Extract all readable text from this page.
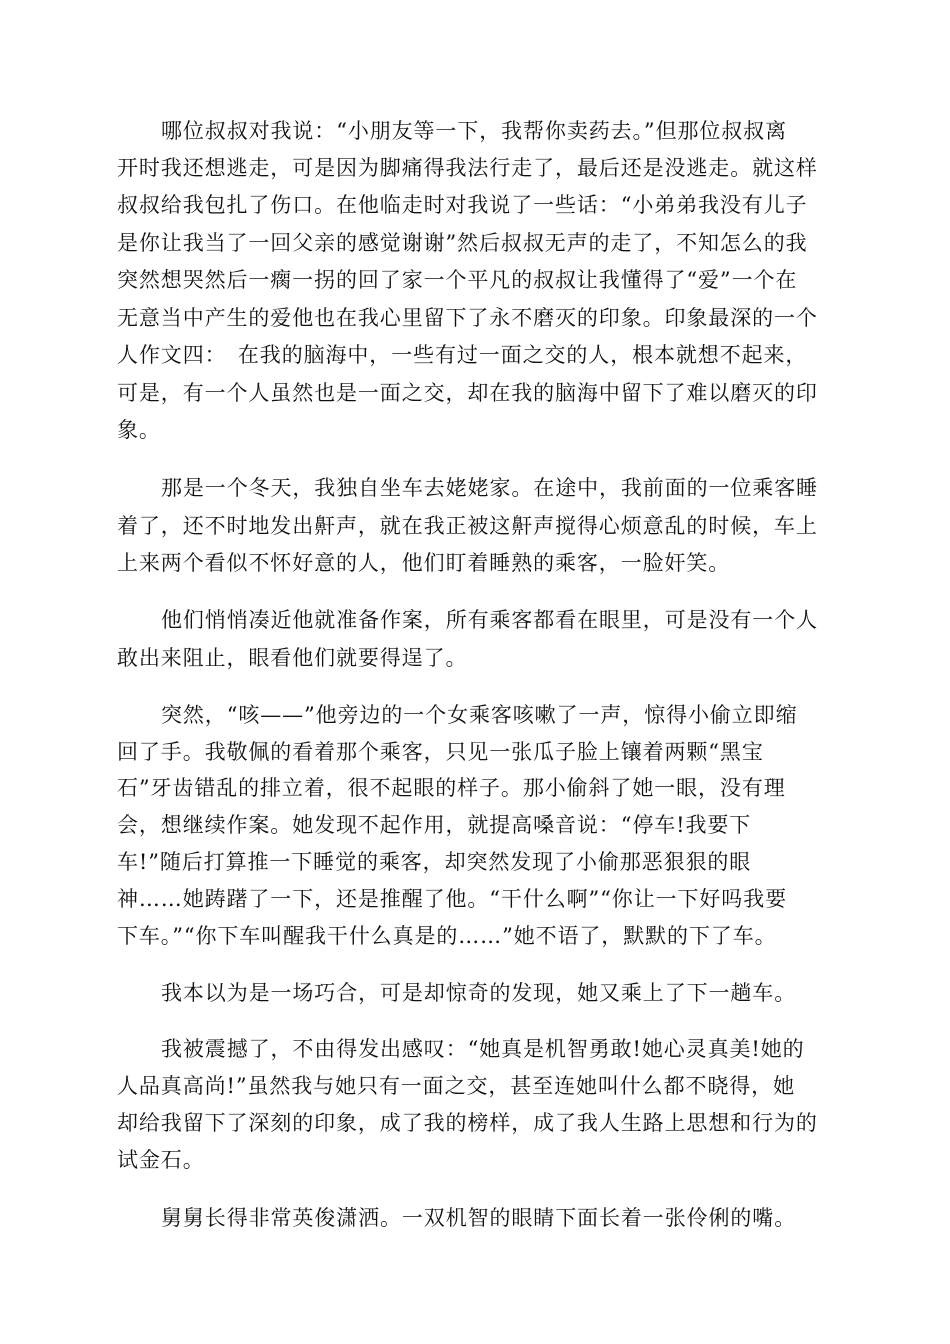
哪位叔叔对我说：“小朋友等一下，我帮你卖药去。”但那位叔叔离

开时我还想逃走，可是因为脚痛得我法行走了，最后还是没逃走。就这样

叔叔给我包扎了伤口。在他临走时对我说了一些话：“小弟弟我没有儿子

是你让我当了一回父亲的感觉谢谢”然后叔叔无声的走了，不知怎么的我

突然想哭然后一瘸一拐的回了家一个平凡的叔叔让我懂得了“爱”一个在

无意当中产生的爱他也在我心里留下了永不磨灭的印象。印象最深的一个

人作文四：　在我的脑海中，一些有过一面之交的人，根本就想不起来，

可是，有一个人虽然也是一面之交，却在我的脑海中留下了难以磨灭的印

象。

那是一个冬天，我独自坐车去姥姥家。在途中，我前面的一位乘客睡

着了，还不时地发出鼾声，就在我正被这鼾声搅得心烦意乱的时候，车上

上来两个看似不怀好意的人，他们盯着睡熟的乘客，一脸奸笑。

他们悄悄凑近他就准备作案，所有乘客都看在眼里，可是没有一个人

敢出来阻止，眼看他们就要得逞了。

突然，“咳——”他旁边的一个女乘客咳嗽了一声，惊得小偷立即缩

回了手。我敬佩的看着那个乘客，只见一张瓜子脸上镶着两颗“黑宝

石”牙齿错乱的排立着，很不起眼的样子。那小偷斜了她一眼，没有理

会，想继续作案。她发现不起作用，就提高嗓音说：“停车!我要下

车!”随后打算推一下睡觉的乘客，却突然发现了小偷那恶狠狠的眼

神……她踌躇了一下，还是推醒了他。“干什么啊”“你让一下好吗我要

下车。”“你下车叫醒我干什么真是的……”她不语了，默默的下了车。

我本以为是一场巧合，可是却惊奇的发现，她又乘上了下一趟车。

我被震撼了，不由得发出感叹：“她真是机智勇敢!她心灵真美!她的

人品真高尚!”虽然我与她只有一面之交，甚至连她叫什么都不晓得，她

却给我留下了深刻的印象，成了我的榜样，成了我人生路上思想和行为的

试金石。

舅舅长得非常英俊潇洒。一双机智的眼睛下面长着一张伶俐的嘴。
